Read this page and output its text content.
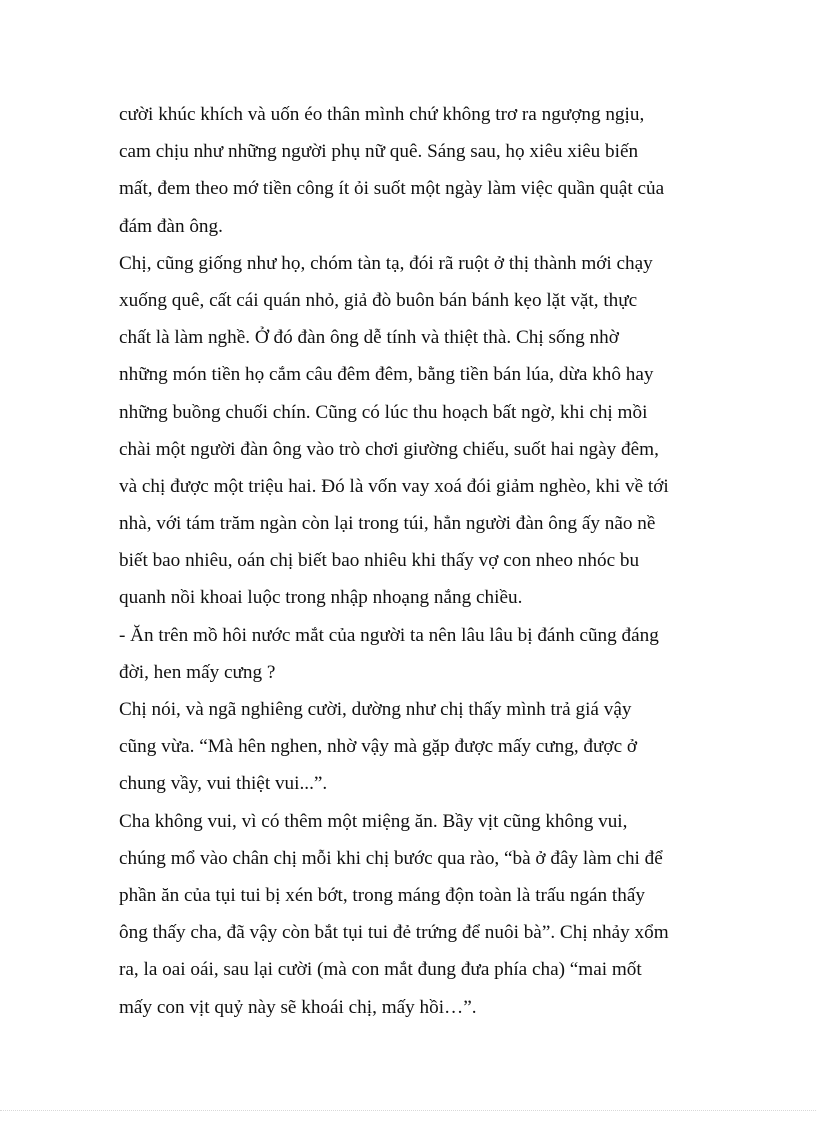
cười khúc khích và uốn éo thân mình chứ không trơ ra ngượng ngịu,
cam chịu như những người phụ nữ quê. Sáng sau, họ xiêu xiêu biến
mất, đem theo mớ tiền công ít ỏi suốt một ngày làm việc quần quật của
đám đàn ông.
Chị, cũng giống như họ, chóm tàn tạ, đói rã ruột ở thị thành mới chạy
xuống quê, cất cái quán nhỏ, giả đò buôn bán bánh kẹo lặt vặt, thực
chất là làm nghề. Ở đó đàn ông dễ tính và thiệt thà. Chị sống nhờ
những món tiền họ cắm câu đêm đêm, bằng tiền bán lúa, dừa khô hay
những buồng chuối chín. Cũng có lúc thu hoạch bất ngờ, khi chị mồi
chài một người đàn ông vào trò chơi giường chiếu, suốt hai ngày đêm,
và chị được một triệu hai. Đó là vốn vay xoá đói giảm nghèo, khi về tới
nhà, với tám trăm ngàn còn lại trong túi, hẳn người đàn ông ấy não nề
biết bao nhiêu, oán chị biết bao nhiêu khi thấy vợ con nheo nhóc bu
quanh nồi khoai luộc trong nhập nhoạng nắng chiều.
- Ăn trên mồ hôi nước mắt của người ta nên lâu lâu bị đánh cũng đáng
đời, hen mấy cưng ?
Chị nói, và ngã nghiêng cười, dường như chị thấy mình trả giá vậy
cũng vừa. “Mà hên nghen, nhờ vậy mà gặp được mấy cưng, được ở
chung vầy, vui thiệt vui...”.
Cha không vui, vì có thêm một miệng ăn. Bầy vịt cũng không vui,
chúng mổ vào chân chị mỗi khi chị bước qua rào, “bà ở đây làm chi để
phần ăn của tụi tui bị xén bớt, trong máng độn toàn là trấu ngán thấy
ông thấy cha, đã vậy còn bắt tụi tui đẻ trứng để nuôi bà”. Chị nhảy xổm
ra, la oai oái, sau lại cười (mà con mắt đung đưa phía cha) “mai mốt
mấy con vịt quỷ này sẽ khoái chị, mấy hồi…”.
